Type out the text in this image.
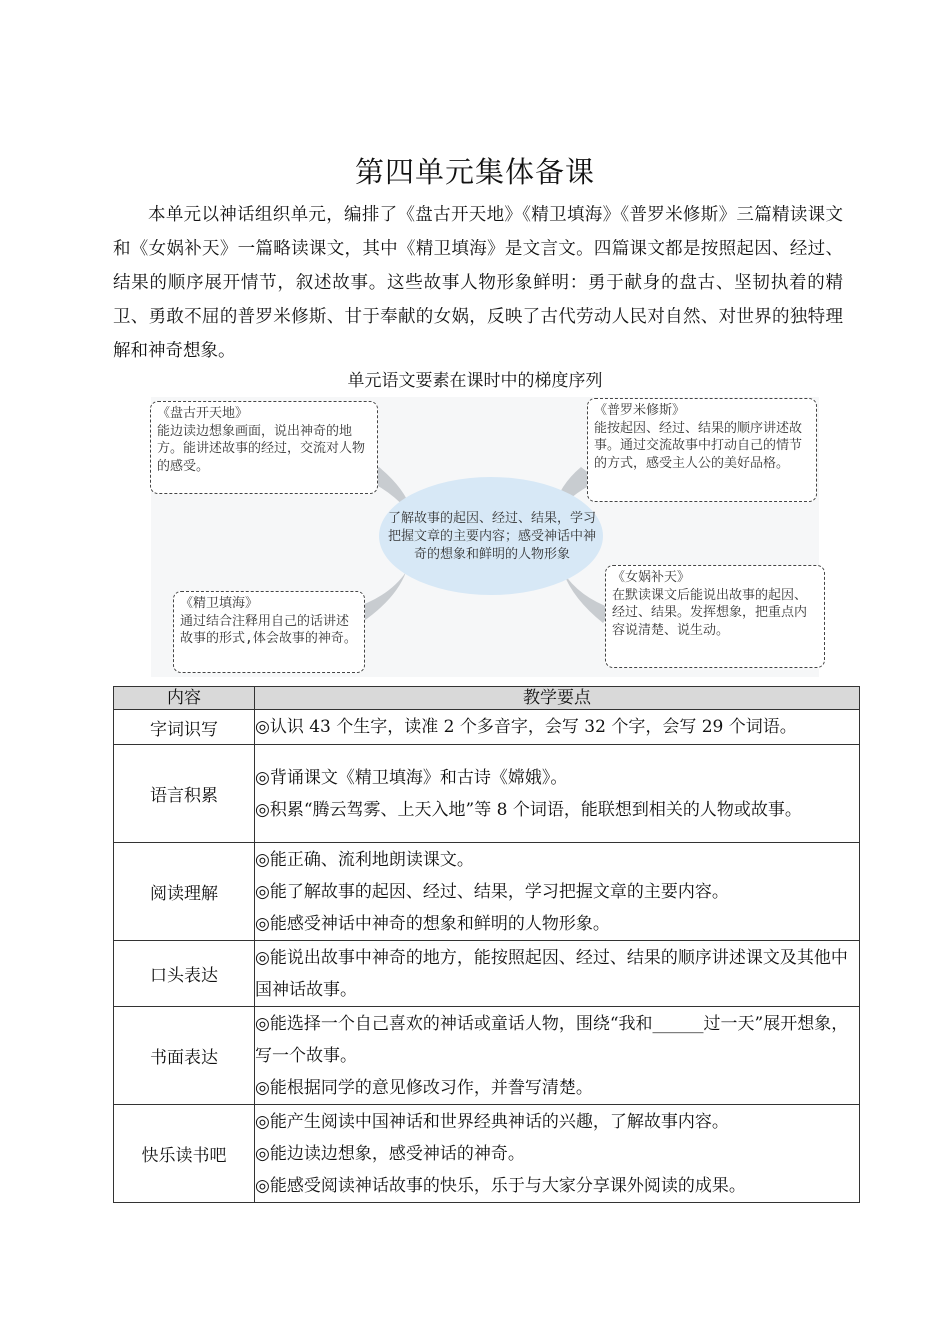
第四单元集体备课
本单元以神话组织单元，编排了《盘古开天地》《精卫填海》《普罗米修斯》三篇精读课文和《女娲补天》一篇略读课文，其中《精卫填海》是文言文。四篇课文都是按照起因、经过、结果的顺序展开情节，叙述故事。这些故事人物形象鲜明：勇于献身的盘古、坚韧执着的精卫、勇敢不屈的普罗米修斯、甘于奉献的女娲，反映了古代劳动人民对自然、对世界的独特理解和神奇想象。
单元语文要素在课时中的梯度序列
了解故事的起因、经过、结果，学习把握文章的主要内容；感受神话中神奇的想象和鲜明的人物形象
《盘古开天地》
能边读边想象画面，说出神奇的地方。能讲述故事的经过，交流对人物的感受。
《普罗米修斯》
能按起因、经过、结果的顺序讲述故事。通过交流故事中打动自己的情节的方式，感受主人公的美好品格。
《精卫填海》
通过结合注释用自己的话讲述故事的形式,体会故事的神奇。
《女娲补天》
在默读课文后能说出故事的起因、经过、结果。发挥想象，把重点内容说清楚、说生动。
内容	教学要点
字词识写	◎认识 43 个生字，读准 2 个多音字，会写 32 个字，会写 29 个词语。

语言积累	◎背诵课文《精卫填海》和古诗《嫦娥》。

◎积累“腾云驾雾、上天入地”等 8 个词语，能联想到相关的人物或故事。

阅读理解	◎能正确、流利地朗读课文。

◎能了解故事的起因、经过、结果，学习把握文章的主要内容。

◎能感受神话中神奇的想象和鲜明的人物形象。

口头表达	◎能说出故事中神奇的地方，能按照起因、经过、结果的顺序讲述课文及其他中国神话故事。

书面表达	◎能选择一个自己喜欢的神话或童话人物，围绕“我和______过一天”展开想象，写一个故事。

◎能根据同学的意见修改习作，并誊写清楚。

快乐读书吧	◎能产生阅读中国神话和世界经典神话的兴趣，了解故事内容。

◎能边读边想象，感受神话的神奇。

◎能感受阅读神话故事的快乐，乐于与大家分享课外阅读的成果。
